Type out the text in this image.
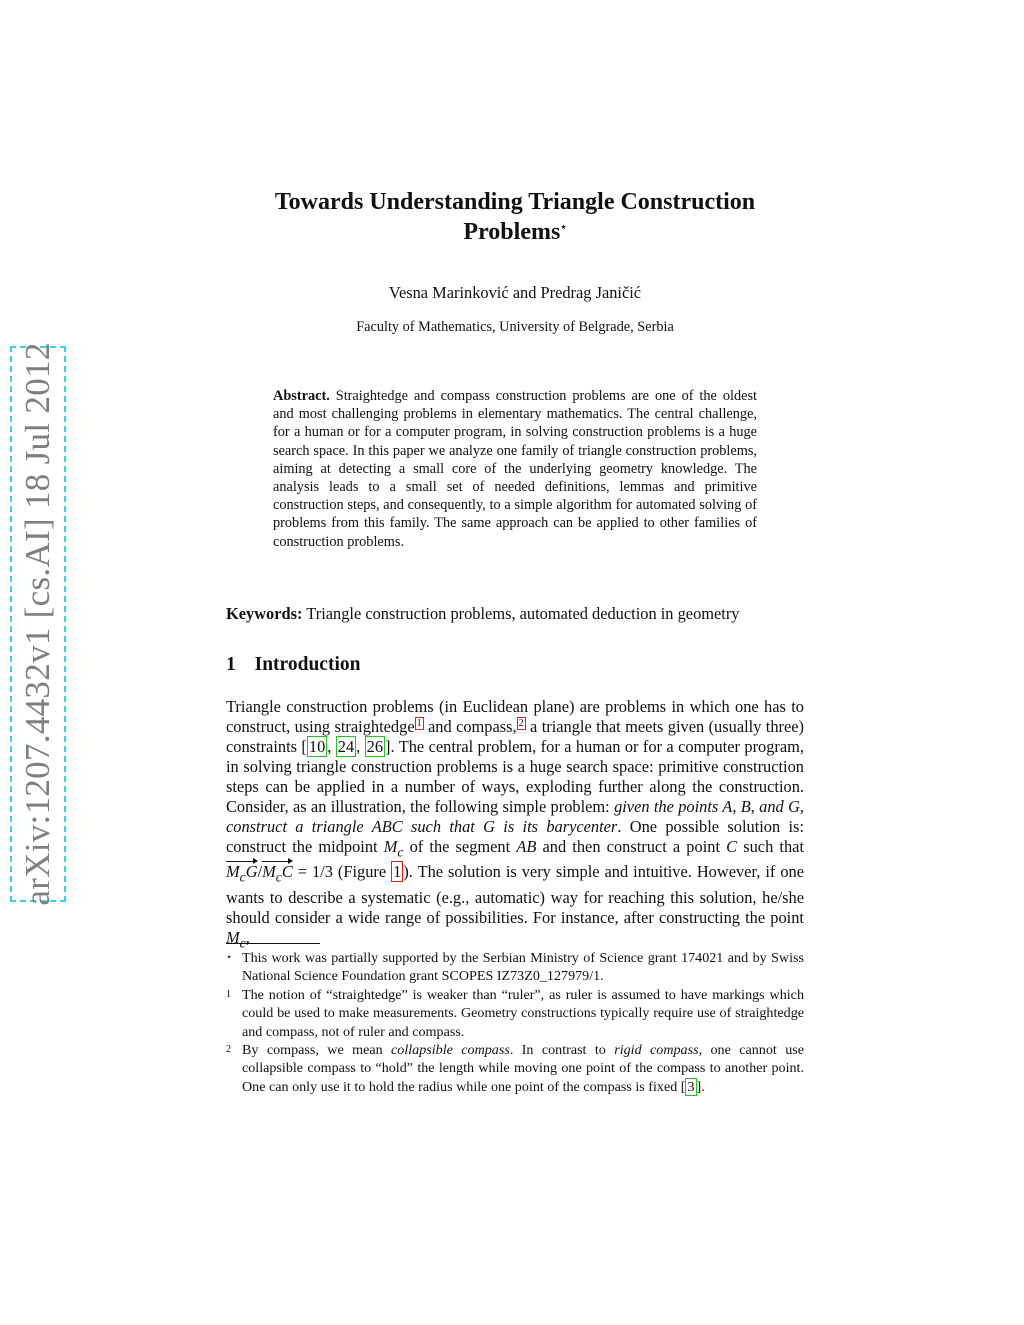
arXiv:1207.4432v1 [cs.AI] 18 Jul 2012
Towards Understanding Triangle Construction
Problems⋆
Vesna Marinković and Predrag Janičić
Faculty of Mathematics, University of Belgrade, Serbia
Abstract. Straightedge and compass construction problems are one of the oldest and most challenging problems in elementary mathematics. The central challenge, for a human or for a computer program, in solving construction problems is a huge search space. In this paper we analyze one family of triangle construction problems, aiming at detecting a small core of the underlying geometry knowledge. The analysis leads to a small set of needed definitions, lemmas and primitive construction steps, and consequently, to a simple algorithm for automated solving of problems from this family. The same approach can be applied to other families of construction problems.
Keywords: Triangle construction problems, automated deduction in geometry
1 Introduction
Triangle construction problems (in Euclidean plane) are problems in which one has to construct, using straightedge $^1$ and compass, $^2$ a triangle that meets given (usually three) constraints [ 10 , 24 , 26 ]. The central problem, for a human or for a computer program, in solving triangle construction problems is a huge search space: primitive construction steps can be applied in a number of ways, exploding further along the construction. Consider, as an illustration, the following simple problem: given the points A, B, and G, construct a triangle ABC such that G is its barycenter. One possible solution is: construct the midpoint $M_c$ of the segment AB and then construct a point C such that $M_cG/M_cC = 1/3$ (Figure 1 ). The solution is very simple and intuitive. However, if one wants to describe a systematic (e.g., automatic) way for reaching this solution, he/she should consider a wide range of possibilities. For instance, after constructing the point $M_c$,
⋆ This work was partially supported by the Serbian Ministry of Science grant 174021 and by Swiss National Science Foundation grant SCOPES IZ73Z0_127979/1.
1 The notion of “straightedge” is weaker than “ruler”, as ruler is assumed to have markings which could be used to make measurements. Geometry constructions typically require use of straightedge and compass, not of ruler and compass.
2 By compass, we mean collapsible compass. In contrast to rigid compass, one cannot use collapsible compass to “hold” the length while moving one point of the compass to another point. One can only use it to hold the radius while one point of the compass is fixed [ 3 ].
